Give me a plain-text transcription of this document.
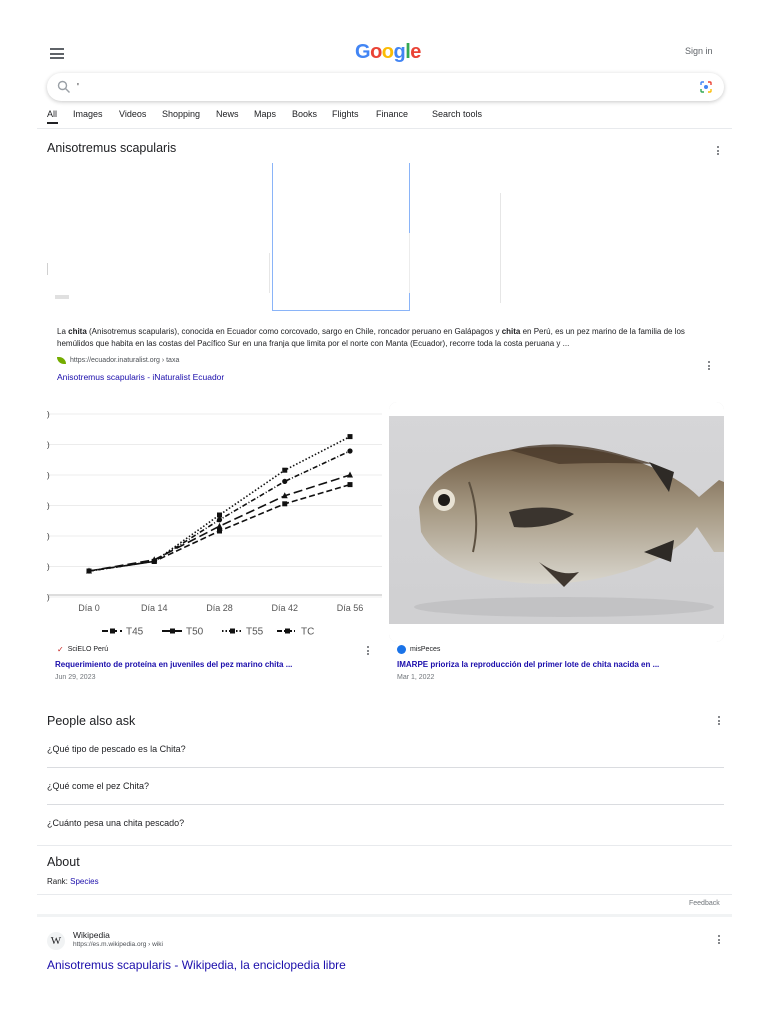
Google	Sign in
'
All Images Videos Shopping News Maps Books Flights Finance	Search tools
Anisotremus scapularis
La chita (Anisotremus scapularis), conocida en Ecuador como corcovado, sargo en Chile, roncador peruano en Galápagos y chita en Perú, es un pez marino de la familia de los hemúlidos que habita en las costas del Pacífico Sur en una franja que limita por el norte con Manta (Ecuador), recorre toda la costa peruana y ...
https://ecuador.inaturalist.org › taxa
Anisotremus scapularis - iNaturalist Ecuador
)
)
)
)
)
)
)
Día 0	Día 14	Día 28	Día 42	Día 56
T45	T50	T55	TC
✓ SciELO Perú
Requerimiento de proteína en juveniles del pez marino chita ...
Jun 29, 2023
misPeces
IMARPE prioriza la reproducción del primer lote de chita nacida en ...
Mar 1, 2022
People also ask
¿Qué tipo de pescado es la Chita?
¿Qué come el pez Chita?
¿Cuánto pesa una chita pescado?
About
Rank: Species
Feedback
W	Wikipedia
https://es.m.wikipedia.org › wiki
Anisotremus scapularis - Wikipedia, la enciclopedia libre
